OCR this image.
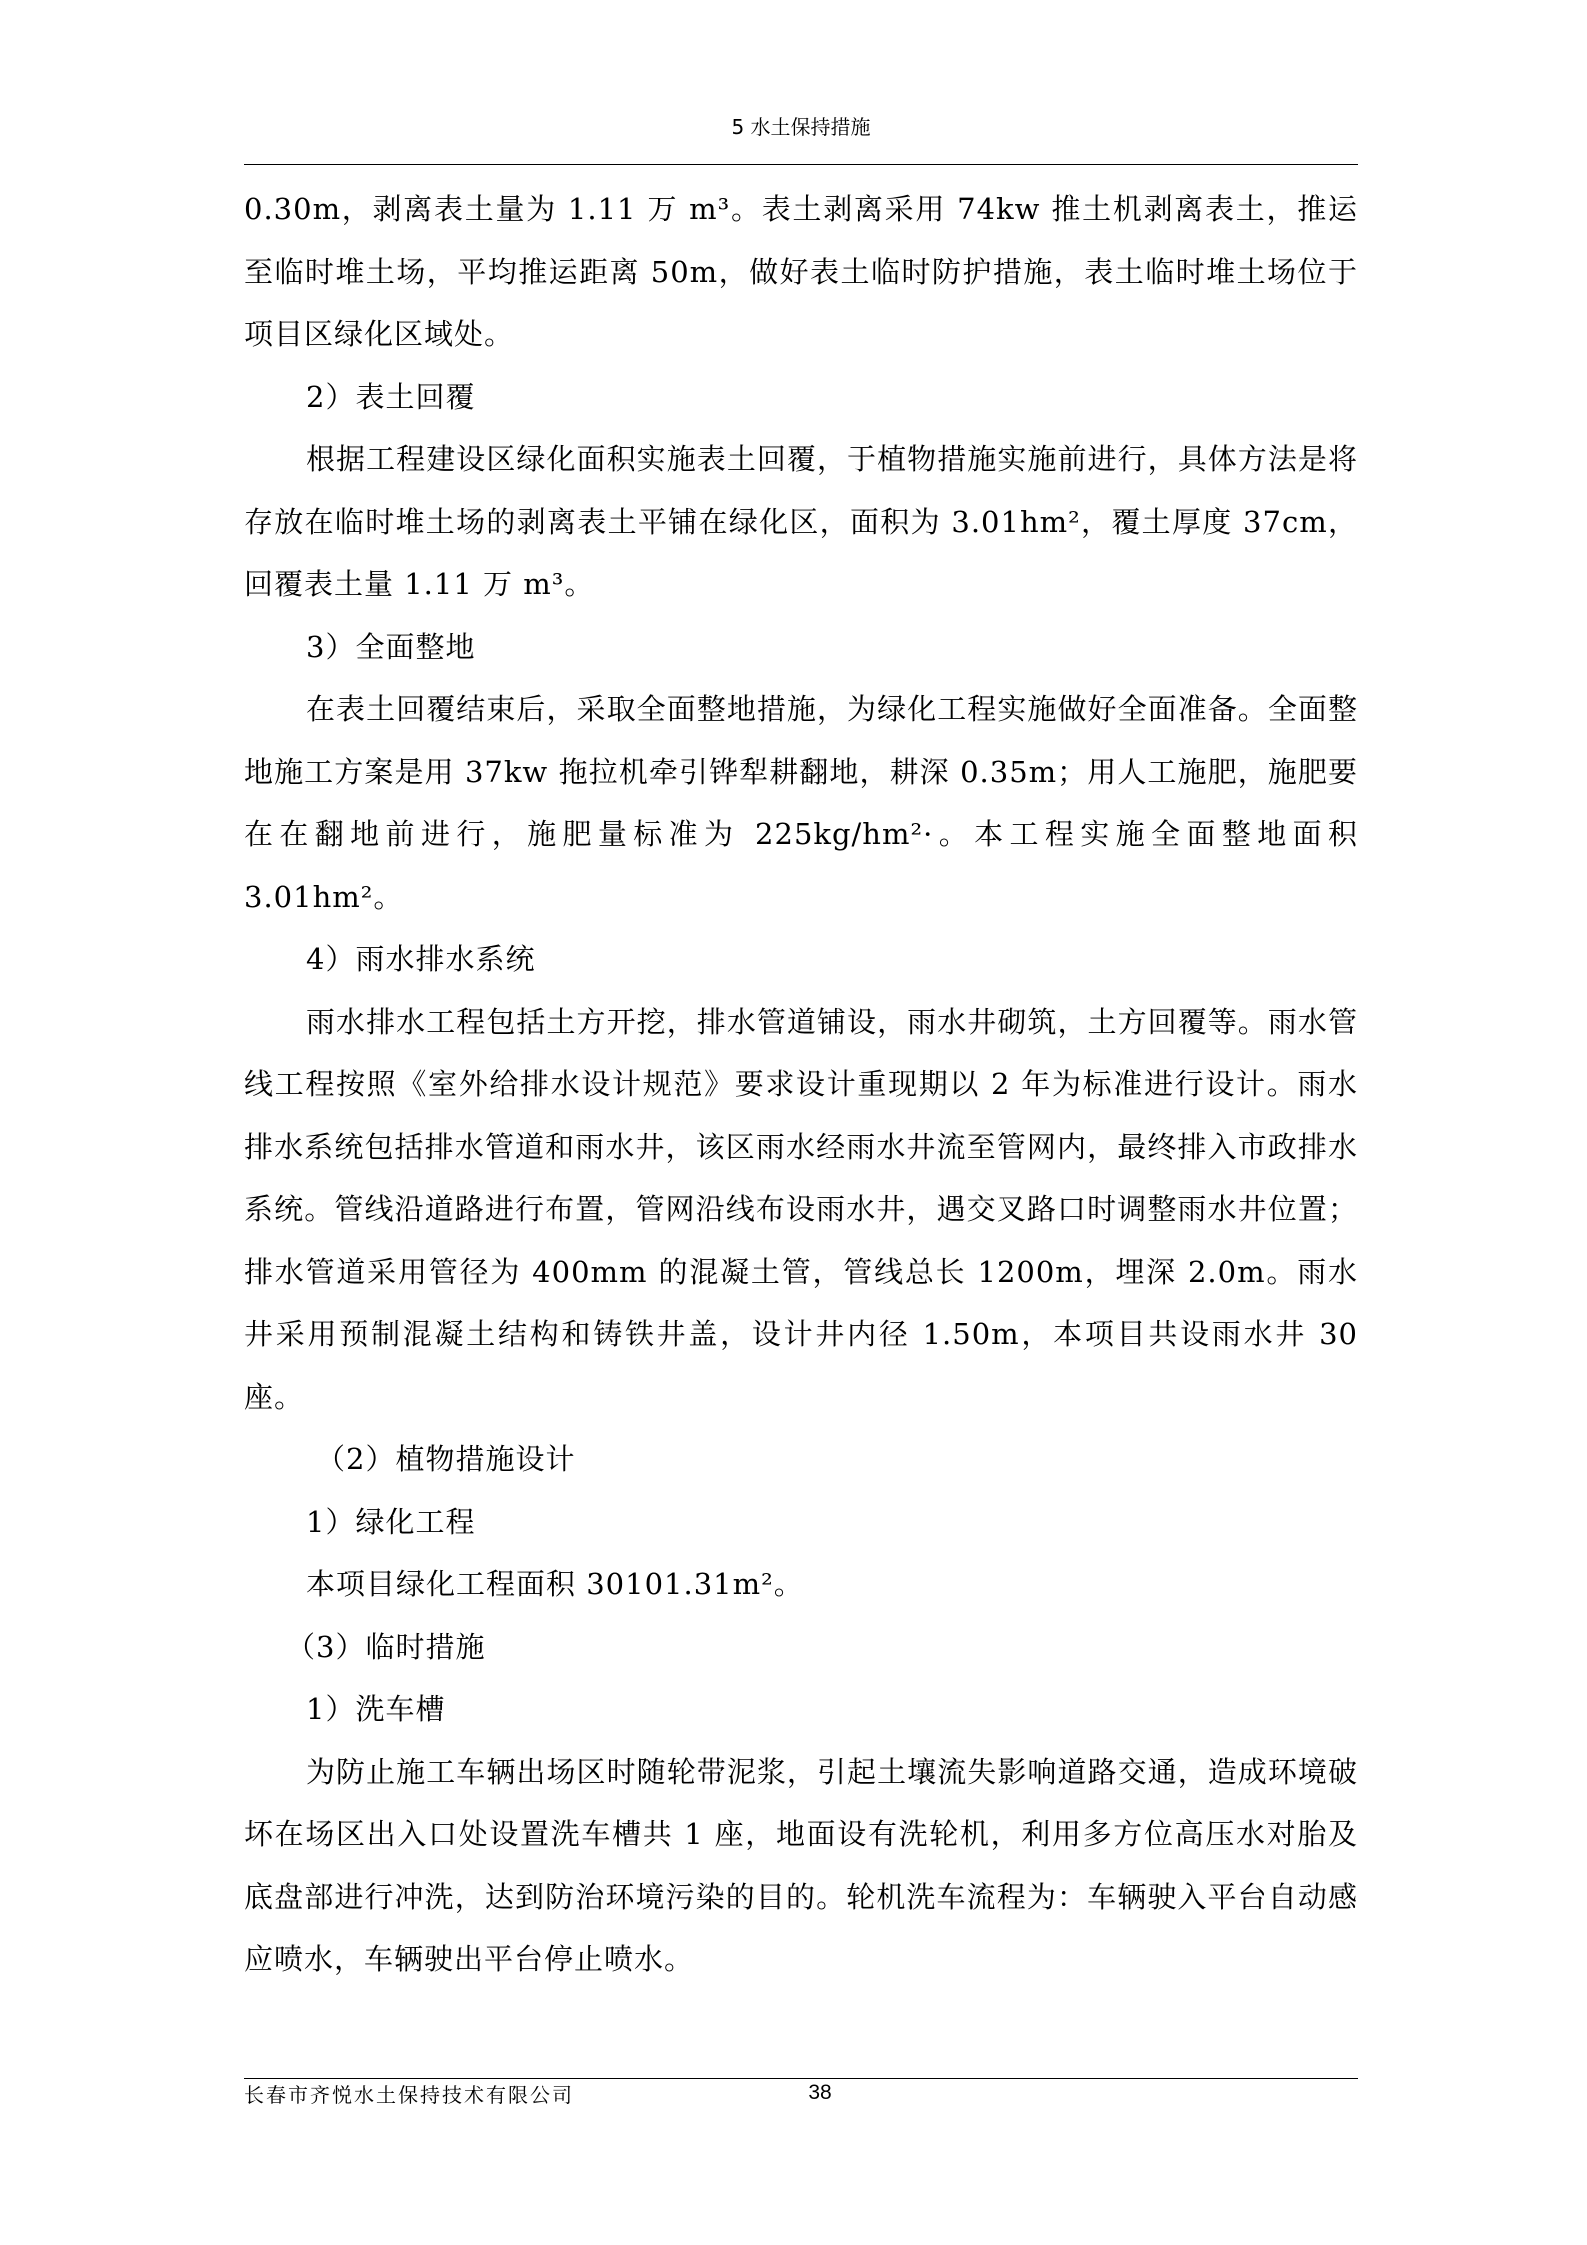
5 水土保持措施

0.30m，剥离表土量为 1.11 万 m³。表土剥离采用 74kw 推土机剥离表土，推运至临时堆土场，平均推运距离 50m，做好表土临时防护措施，表土临时堆土场位于项目区绿化区域处。

2）表土回覆

根据工程建设区绿化面积实施表土回覆，于植物措施实施前进行，具体方法是将存放在临时堆土场的剥离表土平铺在绿化区，面积为 3.01hm²，覆土厚度 37cm，回覆表土量 1.11 万 m³。

3）全面整地

在表土回覆结束后，采取全面整地措施，为绿化工程实施做好全面准备。全面整地施工方案是用 37kw 拖拉机牵引铧犁耕翻地，耕深 0.35m；用人工施肥，施肥要在在翻地前进行，施肥量标准为 225kg/hm²·。本工程实施全面整地面积 3.01hm²。

4）雨水排水系统

雨水排水工程包括土方开挖，排水管道铺设，雨水井砌筑，土方回覆等。雨水管线工程按照《室外给排水设计规范》要求设计重现期以 2 年为标准进行设计。雨水排水系统包括排水管道和雨水井，该区雨水经雨水井流至管网内，最终排入市政排水系统。管线沿道路进行布置，管网沿线布设雨水井，遇交叉路口时调整雨水井位置；排水管道采用管径为 400mm 的混凝土管，管线总长 1200m，埋深 2.0m。雨水井采用预制混凝土结构和铸铁井盖，设计井内径 1.50m，本项目共设雨水井 30 座。

（2）植物措施设计

1）绿化工程

本项目绿化工程面积 30101.31m²。

（3）临时措施

1）洗车槽

为防止施工车辆出场区时随轮带泥浆，引起土壤流失影响道路交通，造成环境破坏在场区出入口处设置洗车槽共 1 座，地面设有洗轮机，利用多方位高压水对胎及底盘部进行冲洗，达到防治环境污染的目的。轮机洗车流程为：车辆驶入平台自动感应喷水，车辆驶出平台停止喷水。

长春市齐悦水土保持技术有限公司	38
